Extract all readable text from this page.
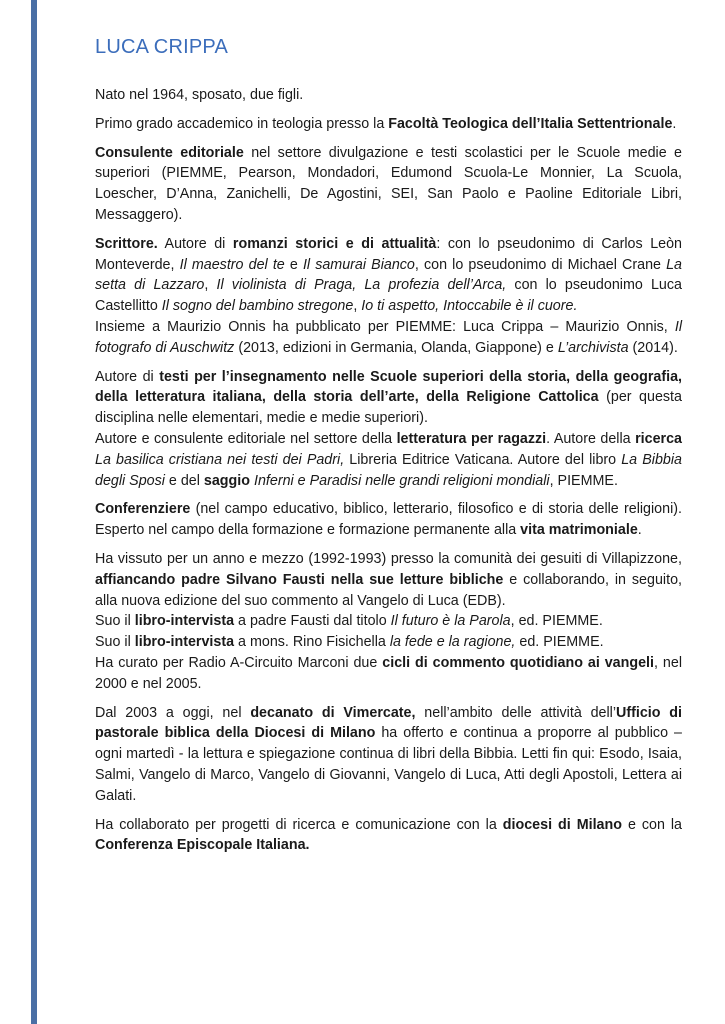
LUCA CRIPPA

Nato nel 1964, sposato, due figli.

Primo grado accademico in teologia presso la Facoltà Teologica dell’Italia Settentrionale.

Consulente editoriale nel settore divulgazione e testi scolastici per le Scuole medie e superiori (PIEMME, Pearson, Mondadori, Edumond Scuola-Le Monnier, La Scuola, Loescher, D’Anna, Zanichelli, De Agostini, SEI, San Paolo e Paoline Editoriale Libri, Messaggero).

Scrittore. Autore di romanzi storici e di attualità: con lo pseudonimo di Carlos Leòn Monteverde, Il maestro del te e Il samurai Bianco, con lo pseudonimo di Michael Crane La setta di Lazzaro, Il violinista di Praga, La profezia dell’Arca, con lo pseudonimo Luca Castellitto Il sogno del bambino stregone, Io ti aspetto, Intoccabile è il cuore.

Insieme a Maurizio Onnis ha pubblicato per PIEMME: Luca Crippa – Maurizio Onnis, Il fotografo di Auschwitz (2013, edizioni in Germania, Olanda, Giappone) e L’archivista (2014).

Autore di testi per l’insegnamento nelle Scuole superiori della storia, della geografia, della letteratura italiana, della storia dell’arte, della Religione Cattolica (per questa disciplina nelle elementari, medie e medie superiori).

Autore e consulente editoriale nel settore della letteratura per ragazzi. Autore della ricerca La basilica cristiana nei testi dei Padri, Libreria Editrice Vaticana. Autore del libro La Bibbia degli Sposi e del saggio Inferni e Paradisi nelle grandi religioni mondiali, PIEMME.

Conferenziere (nel campo educativo, biblico, letterario, filosofico e di storia delle religioni). Esperto nel campo della formazione e formazione permanente alla vita matrimoniale.

Ha vissuto per un anno e mezzo (1992-1993) presso la comunità dei gesuiti di Villapizzone, affiancando padre Silvano Fausti nella sue letture bibliche e collaborando, in seguito, alla nuova edizione del suo commento al Vangelo di Luca (EDB).

Suo il libro-intervista a padre Fausti dal titolo Il futuro è la Parola, ed. PIEMME.

Suo il libro-intervista a mons. Rino Fisichella la fede e la ragione, ed. PIEMME.

Ha curato per Radio A-Circuito Marconi due cicli di commento quotidiano ai vangeli, nel 2000 e nel 2005.

Dal 2003 a oggi, nel decanato di Vimercate, nell’ambito delle attività dell’Ufficio di pastorale biblica della Diocesi di Milano ha offerto e continua a proporre al pubblico – ogni martedì - la lettura e spiegazione continua di libri della Bibbia. Letti fin qui: Esodo, Isaia, Salmi, Vangelo di Marco, Vangelo di Giovanni, Vangelo di Luca, Atti degli Apostoli, Lettera ai Galati.

Ha collaborato per progetti di ricerca e comunicazione con la diocesi di Milano e con la Conferenza Episcopale Italiana.
